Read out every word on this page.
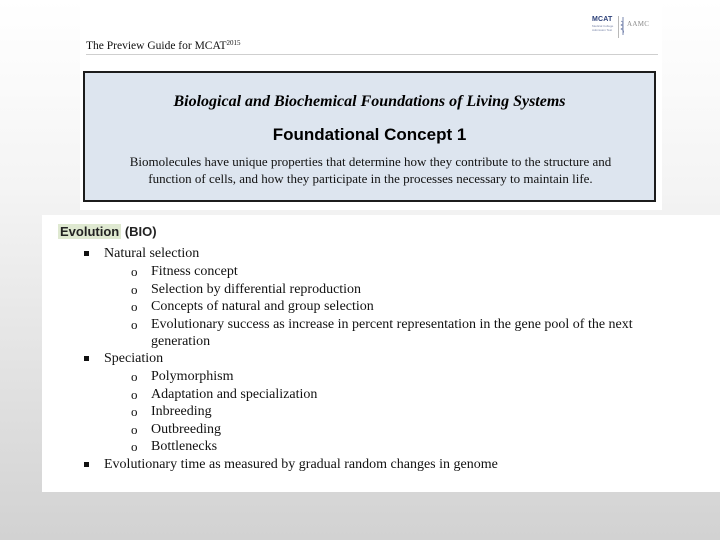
MCAT
Medical College Admission Test
AAMC
The Preview Guide for $MCAT^{2015}$
Biological and Biochemical Foundations of Living Systems
Foundational Concept 1
Biomolecules have unique properties that determine how they contribute to the structure and
function of cells, and how they participate in the processes necessary to maintain life.
Evolution (BIO)
Natural selection
o Fitness concept
o Selection by differential reproduction
o Concepts of natural and group selection
o Evolutionary success as increase in percent representation in the gene pool of the next
generation
Speciation
o Polymorphism
o Adaptation and specialization
o Inbreeding
o Outbreeding
o Bottlenecks
Evolutionary time as measured by gradual random changes in genome
